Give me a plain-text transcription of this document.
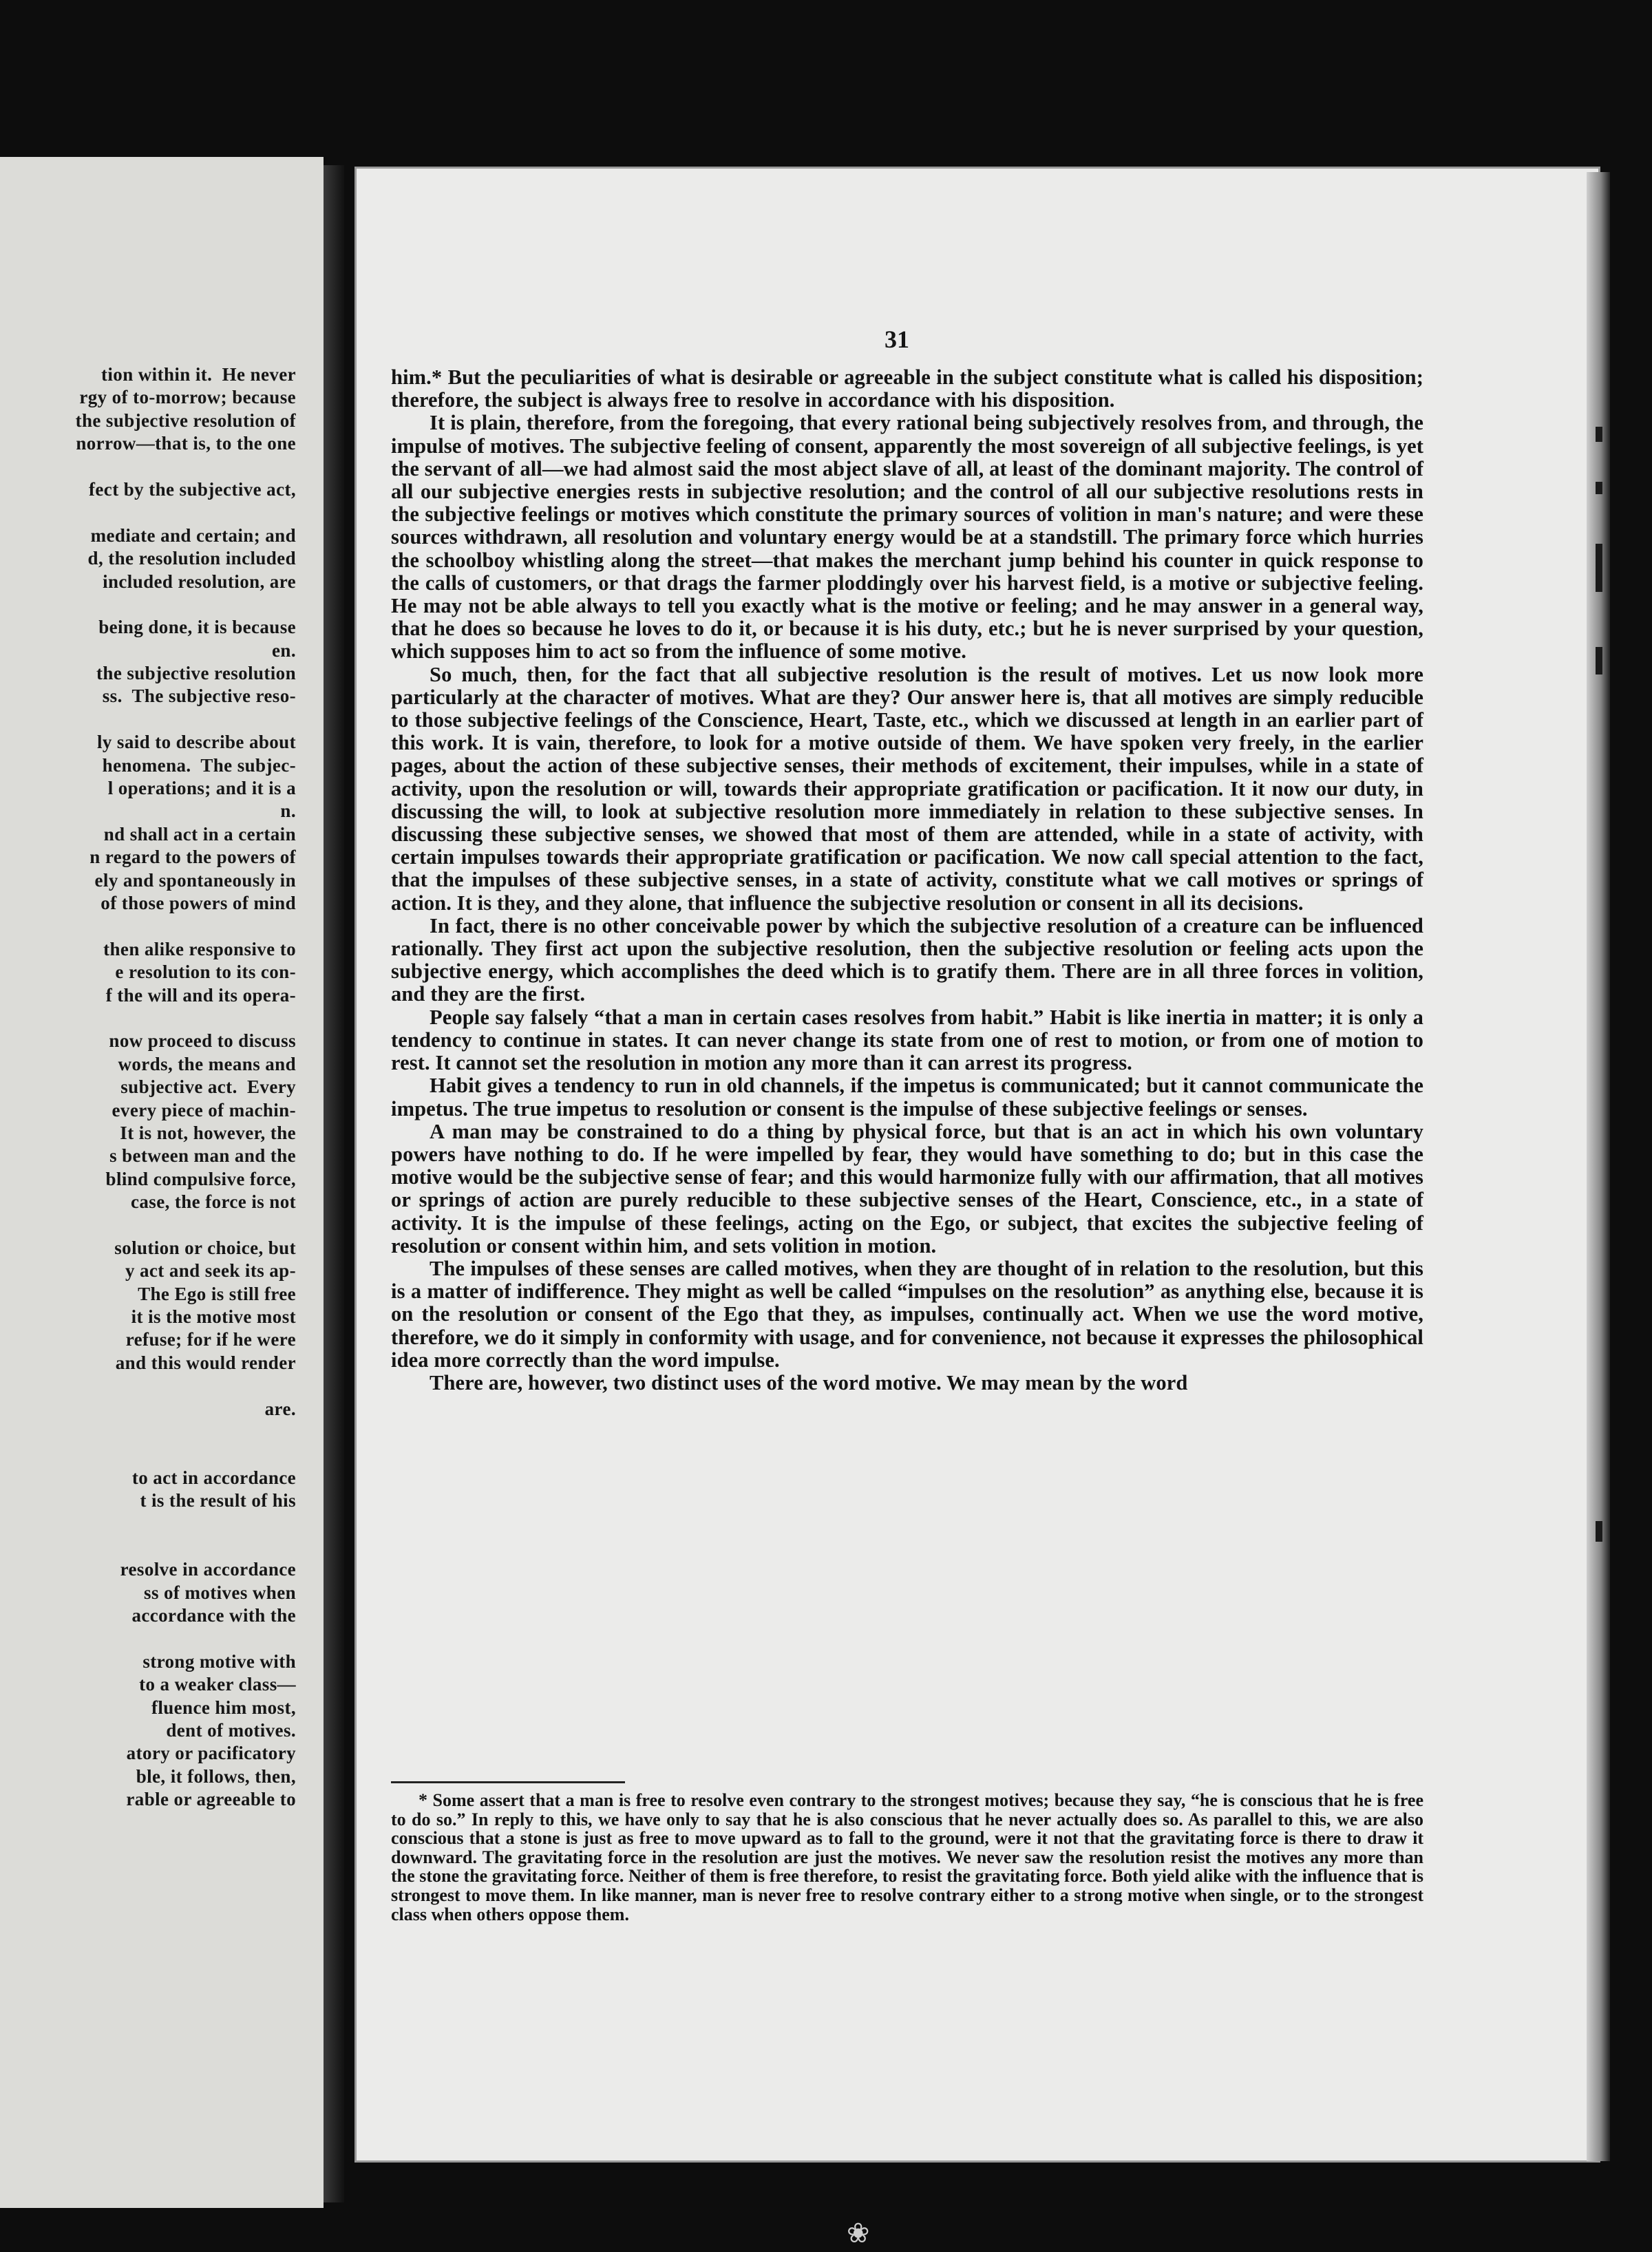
tion within it.  He never
rgy of to-morrow; because
the subjective resolution of
norrow—that is, to the one
fect by the subjective act,
mediate and certain; and
d, the resolution included
included resolution, are
being done, it is because
en.
the subjective resolution
ss.  The subjective reso-
ly said to describe about
henomena.  The subjec-
l operations; and it is a
n.
nd shall act in a certain
n regard to the powers of
ely and spontaneously in
of those powers of mind
then alike responsive to
e resolution to its con-
f the will and its opera-
now proceed to discuss
words, the means and
subjective act.  Every
every piece of machin-
It is not, however, the
s between man and the
blind compulsive force,
case, the force is not
solution or choice, but
y act and seek its ap-
The Ego is still free
it is the motive most
refuse; for if he were
and this would render
are.
to act in accordance
t is the result of his
resolve in accordance
ss of motives when
accordance with the
strong motive with
to a weaker class—
fluence him most,
dent of motives.
atory or pacificatory
ble, it follows, then,
rable or agreeable to
31

him.* But the peculiarities of what is desirable or agreeable in the subject constitute what is called his disposition; therefore, the subject is always free to resolve in accordance with his disposition.

It is plain, therefore, from the foregoing, that every rational being subjectively resolves from, and through, the impulse of motives. The subjective feeling of consent, apparently the most sovereign of all subjective feelings, is yet the servant of all—we had almost said the most abject slave of all, at least of the dominant majority. The control of all our subjective energies rests in subjective resolution; and the control of all our subjective resolutions rests in the subjective feelings or motives which constitute the primary sources of volition in man's nature; and were these sources withdrawn, all resolution and voluntary energy would be at a standstill. The primary force which hurries the schoolboy whistling along the street—that makes the merchant jump behind his counter in quick response to the calls of customers, or that drags the farmer ploddingly over his harvest field, is a motive or subjective feeling. He may not be able always to tell you exactly what is the motive or feeling; and he may answer in a general way, that he does so because he loves to do it, or because it is his duty, etc.; but he is never surprised by your question, which supposes him to act so from the influence of some motive.

So much, then, for the fact that all subjective resolution is the result of motives. Let us now look more particularly at the character of motives. What are they? Our answer here is, that all motives are simply reducible to those subjective feelings of the Conscience, Heart, Taste, etc., which we discussed at length in an earlier part of this work. It is vain, therefore, to look for a motive outside of them. We have spoken very freely, in the earlier pages, about the action of these subjective senses, their methods of excitement, their impulses, while in a state of activity, upon the resolution or will, towards their appropriate gratification or pacification. It it now our duty, in discussing the will, to look at subjective resolution more immediately in relation to these subjective senses. In discussing these subjective senses, we showed that most of them are attended, while in a state of activity, with certain impulses towards their appropriate gratification or pacification. We now call special attention to the fact, that the impulses of these subjective senses, in a state of activity, constitute what we call motives or springs of action. It is they, and they alone, that influence the subjective resolution or consent in all its decisions.

In fact, there is no other conceivable power by which the subjective resolution of a creature can be influenced rationally. They first act upon the subjective resolution, then the subjective resolution or feeling acts upon the subjective energy, which accomplishes the deed which is to gratify them. There are in all three forces in volition, and they are the first.

People say falsely “that a man in certain cases resolves from habit.” Habit is like inertia in matter; it is only a tendency to continue in states. It can never change its state from one of rest to motion, or from one of motion to rest. It cannot set the resolution in motion any more than it can arrest its progress.

Habit gives a tendency to run in old channels, if the impetus is communicated; but it cannot communicate the impetus. The true impetus to resolution or consent is the impulse of these subjective feelings or senses.

A man may be constrained to do a thing by physical force, but that is an act in which his own voluntary powers have nothing to do. If he were impelled by fear, they would have something to do; but in this case the motive would be the subjective sense of fear; and this would harmonize fully with our affirmation, that all motives or springs of action are purely reducible to these subjective senses of the Heart, Conscience, etc., in a state of activity. It is the impulse of these feelings, acting on the Ego, or subject, that excites the subjective feeling of resolution or consent within him, and sets volition in motion.

The impulses of these senses are called motives, when they are thought of in relation to the resolution, but this is a matter of indifference. They might as well be called “impulses on the resolution” as anything else, because it is on the resolution or consent of the Ego that they, as impulses, continually act. When we use the word motive, therefore, we do it simply in conformity with usage, and for convenience, not because it expresses the philosophical idea more correctly than the word impulse.

There are, however, two distinct uses of the word motive. We may mean by the word

* Some assert that a man is free to resolve even contrary to the strongest motives; because they say, “he is conscious that he is free to do so.” In reply to this, we have only to say that he is also conscious that he never actually does so. As parallel to this, we are also conscious that a stone is just as free to move upward as to fall to the ground, were it not that the gravitating force is there to draw it downward. The gravitating force in the resolution are just the motives. We never saw the resolution resist the motives any more than the stone the gravitating force. Neither of them is free therefore, to resist the gravitating force. Both yield alike with the influence that is strongest to move them. In like manner, man is never free to resolve contrary either to a strong motive when single, or to the strongest class when others oppose them.

❀
